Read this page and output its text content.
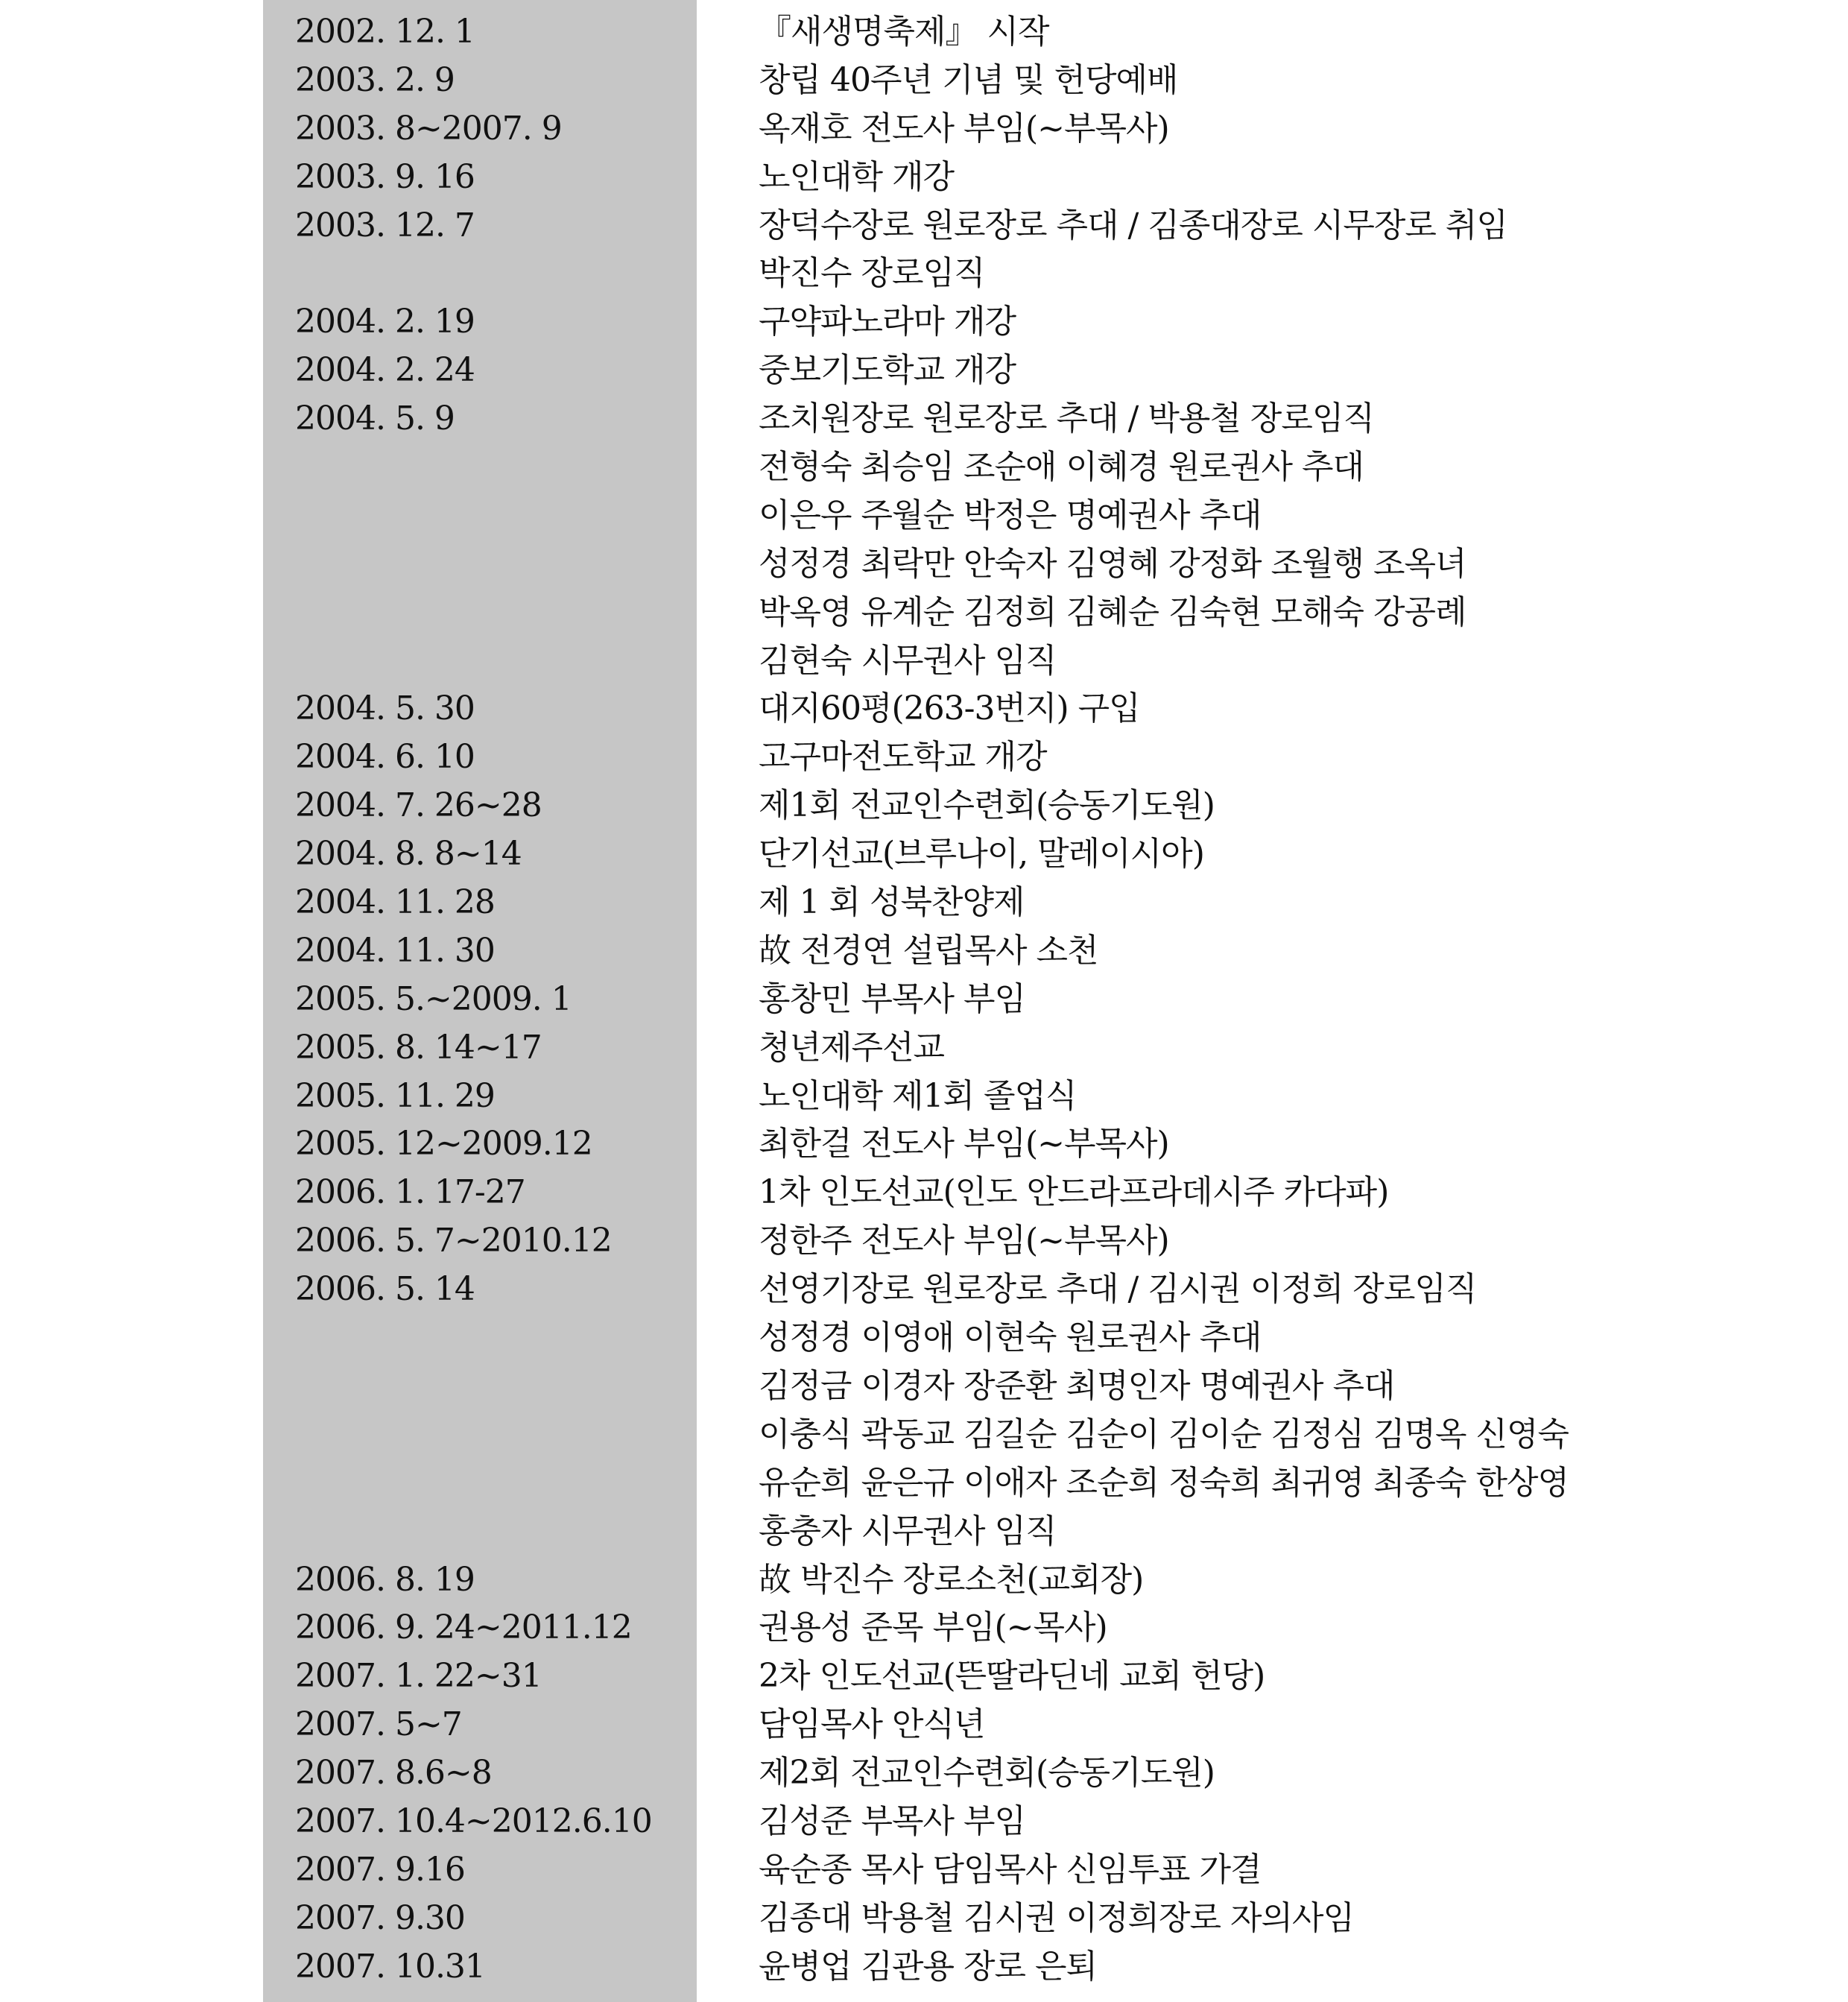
2002. 12. 1	『새생명축제』 시작
2003. 2. 9	창립 40주년 기념 및 헌당예배
2003. 8~2007. 9	옥재호 전도사 부임(~부목사)
2003. 9. 16	노인대학 개강
2003. 12. 7	장덕수장로 원로장로 추대 / 김종대장로 시무장로 취임
박진수 장로임직
2004. 2. 19	구약파노라마 개강
2004. 2. 24	중보기도학교 개강
2004. 5. 9	조치원장로 원로장로 추대 / 박용철 장로임직
전형숙 최승임 조순애 이혜경 원로권사 추대
이은우 주월순 박정은 명예권사 추대
성정경 최락만 안숙자 김영혜 강정화 조월행 조옥녀
박옥영 유계순 김정희 김혜순 김숙현 모해숙 강공례
김현숙 시무권사 임직
2004. 5. 30	대지60평(263-3번지) 구입
2004. 6. 10	고구마전도학교 개강
2004. 7. 26~28	제1회 전교인수련회(승동기도원)
2004. 8. 8~14	단기선교(브루나이, 말레이시아)
2004. 11. 28	제 1 회 성북찬양제
2004. 11. 30	故 전경연 설립목사 소천
2005. 5.~2009. 1	홍창민 부목사 부임
2005. 8. 14~17	청년제주선교
2005. 11. 29	노인대학 제1회 졸업식
2005. 12~2009.12	최한걸 전도사 부임(~부목사)
2006. 1. 17-27	1차 인도선교(인도 안드라프라데시주 카다파)
2006. 5. 7~2010.12	정한주 전도사 부임(~부목사)
2006. 5. 14	선영기장로 원로장로 추대 / 김시권 이정희 장로임직
성정경 이영애 이현숙 원로권사 추대
김정금 이경자 장준환 최명인자 명예권사 추대
이충식 곽동교 김길순 김순이 김이순 김정심 김명옥 신영숙
유순희 윤은규 이애자 조순희 정숙희 최귀영 최종숙 한상영
홍충자 시무권사 임직
2006. 8. 19	故 박진수 장로소천(교회장)
2006. 9. 24~2011.12	권용성 준목 부임(~목사)
2007. 1. 22~31	2차 인도선교(뜬딸라딘네 교회 헌당)
2007. 5~7	담임목사 안식년
2007. 8.6~8	제2회 전교인수련회(승동기도원)
2007. 10.4~2012.6.10	김성준 부목사 부임
2007. 9.16	육순종 목사 담임목사 신임투표 가결
2007. 9.30	김종대 박용철 김시권 이정희장로 자의사임
2007. 10.31	윤병업 김관용 장로 은퇴
